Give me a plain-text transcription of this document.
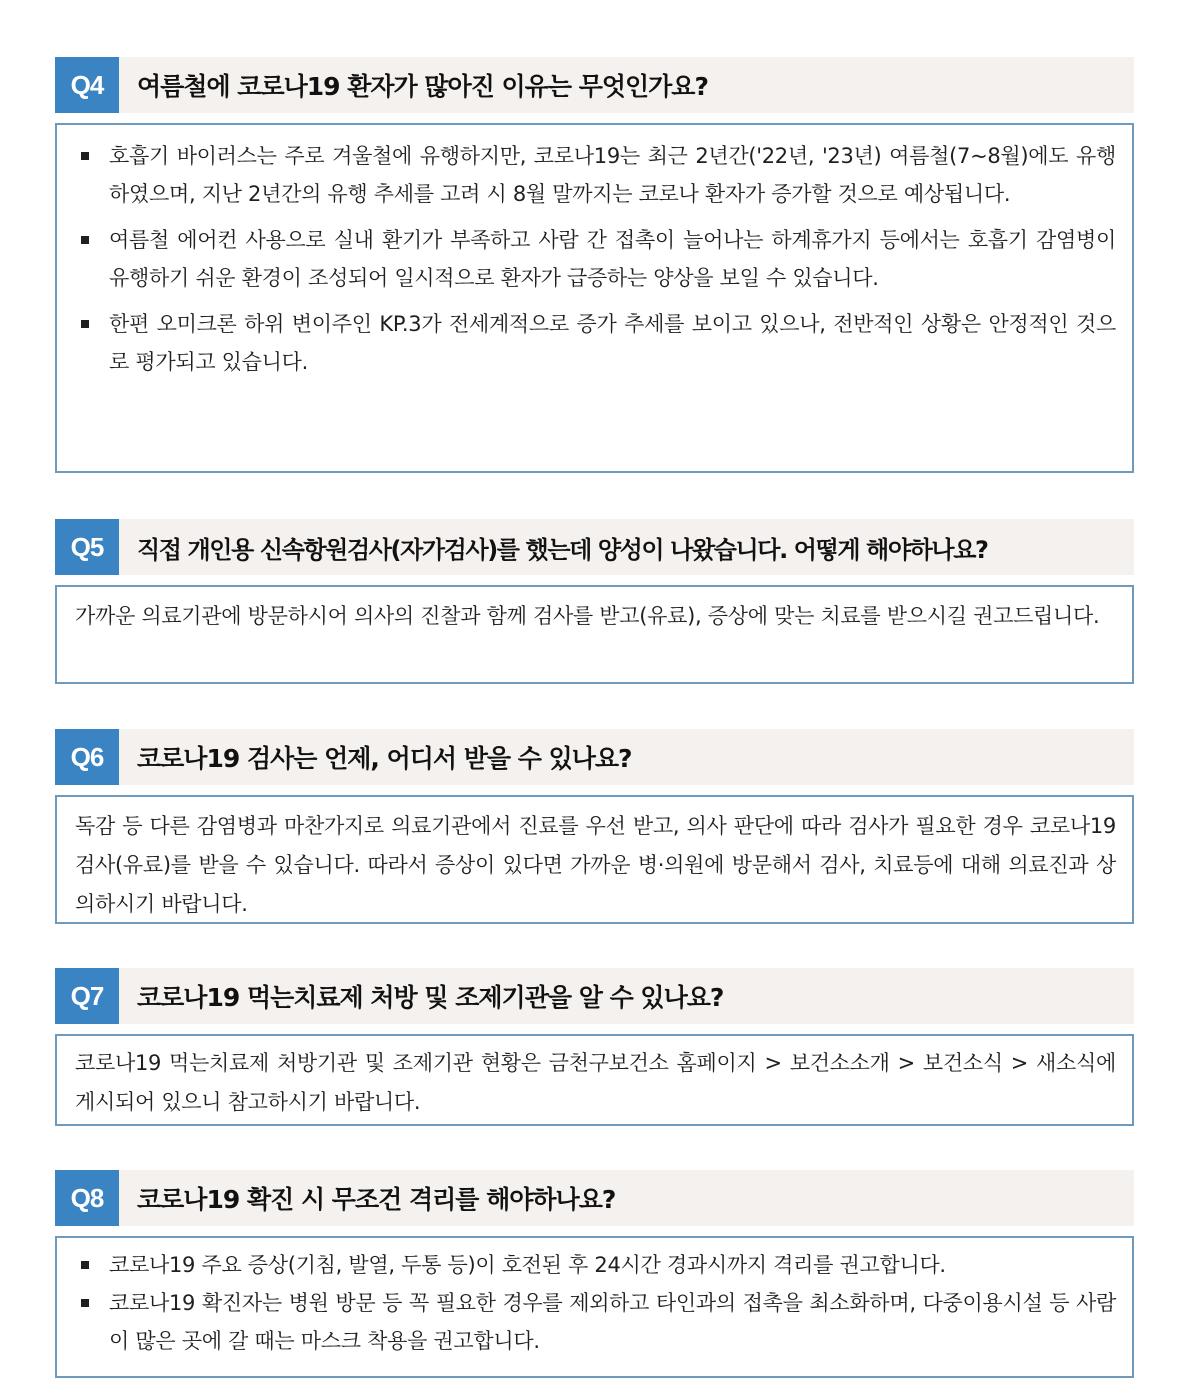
Q4	여름철에 코로나19 환자가 많아진 이유는 무엇인가요?
호흡기 바이러스는 주로 겨울철에 유행하지만, 코로나19는 최근 2년간('22년, '23년) 여름철(7~8월)에도 유행하였으며, 지난 2년간의 유행 추세를 고려 시 8월 말까지는 코로나 환자가 증가할 것으로 예상됩니다.
여름철 에어컨 사용으로 실내 환기가 부족하고 사람 간 접촉이 늘어나는 하계휴가지 등에서는 호흡기 감염병이 유행하기 쉬운 환경이 조성되어 일시적으로 환자가 급증하는 양상을 보일 수 있습니다.
한편 오미크론 하위 변이주인 KP.3가 전세계적으로 증가 추세를 보이고 있으나, 전반적인 상황은 안정적인 것으로 평가되고 있습니다.
Q5	직접 개인용 신속항원검사(자가검사)를 했는데 양성이 나왔습니다. 어떻게 해야하나요?

가까운 의료기관에 방문하시어 의사의 진찰과 함께 검사를 받고(유료), 증상에 맞는 치료를 받으시길 권고드립니다.

Q6	코로나19 검사는 언제, 어디서 받을 수 있나요?

독감 등 다른 감염병과 마찬가지로 의료기관에서 진료를 우선 받고, 의사 판단에 따라 검사가 필요한 경우 코로나19 검사(유료)를 받을 수 있습니다. 따라서 증상이 있다면 가까운 병·의원에 방문해서 검사, 치료등에 대해 의료진과 상의하시기 바랍니다.

Q7	코로나19 먹는치료제 처방 및 조제기관을 알 수 있나요?

코로나19 먹는치료제 처방기관 및 조제기관 현황은 금천구보건소 홈페이지 > 보건소소개 > 보건소식 > 새소식에 게시되어 있으니 참고하시기 바랍니다.

Q8	코로나19 확진 시 무조건 격리를 해야하나요?
코로나19 주요 증상(기침, 발열, 두통 등)이 호전된 후 24시간 경과시까지 격리를 권고합니다.
코로나19 확진자는 병원 방문 등 꼭 필요한 경우를 제외하고 타인과의 접촉을 최소화하며, 다중이용시설 등 사람이 많은 곳에 갈 때는 마스크 착용을 권고합니다.
